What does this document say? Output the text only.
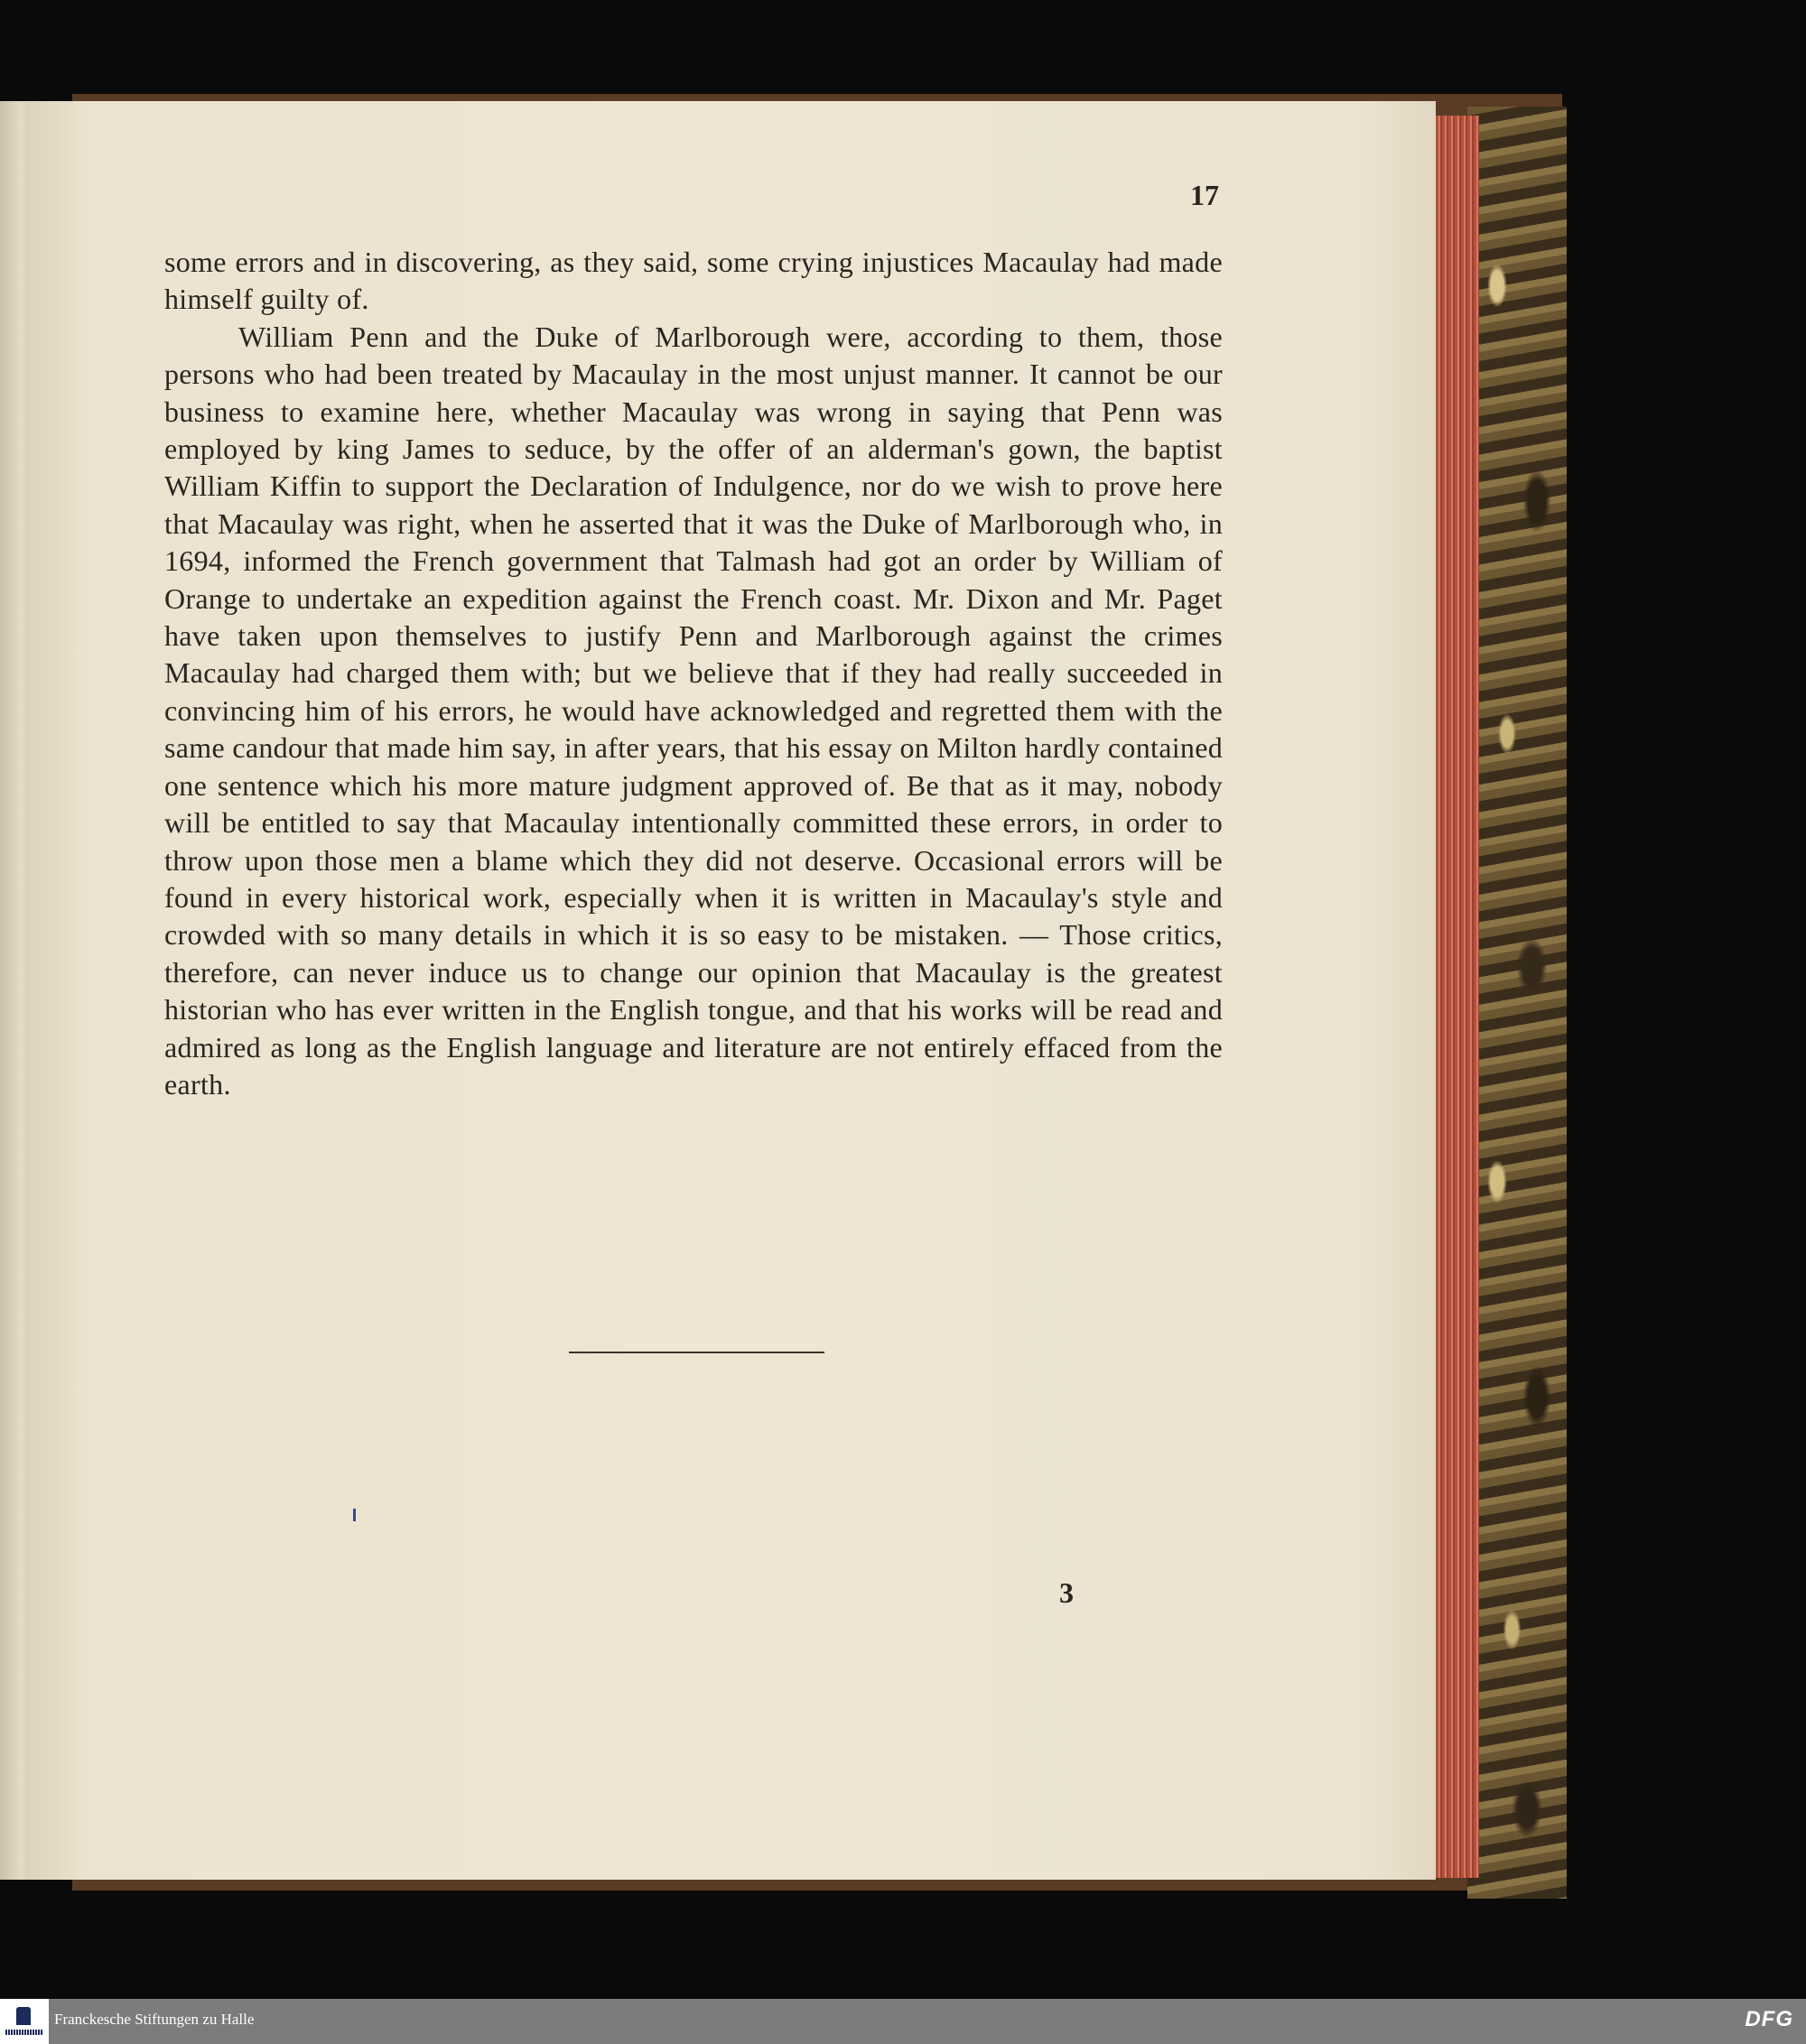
17

some errors and in discovering, as they said, some crying injustices Macaulay had made himself guilty of.

William Penn and the Duke of Marlborough were, according to them, those persons who had been treated by Macaulay in the most unjust manner. It cannot be our business to examine here, whether Macaulay was wrong in saying that Penn was employed by king James to seduce, by the offer of an alderman's gown, the baptist William Kiffin to support the Declaration of Indulgence, nor do we wish to prove here that Macaulay was right, when he asserted that it was the Duke of Marlborough who, in 1694, informed the French government that Talmash had got an order by William of Orange to undertake an expedition against the French coast. Mr. Dixon and Mr. Paget have taken upon themselves to justify Penn and Marlborough against the crimes Macaulay had charged them with; but we believe that if they had really succeeded in convincing him of his errors, he would have acknowledged and regretted them with the same candour that made him say, in after years, that his essay on Milton hardly contained one sentence which his more mature judgment approved of. Be that as it may, nobody will be entitled to say that Macaulay intentionally committed these errors, in order to throw upon those men a blame which they did not deserve. Occasional errors will be found in every historical work, especially when it is written in Macaulay's style and crowded with so many details in which it is so easy to be mistaken. — Those critics, therefore, can never induce us to change our opinion that Macaulay is the greatest historian who has ever written in the English tongue, and that his works will be read and admired as long as the English language and literature are not entirely effaced from the earth.

3
Franckesche Stiftungen zu Halle	DFG
